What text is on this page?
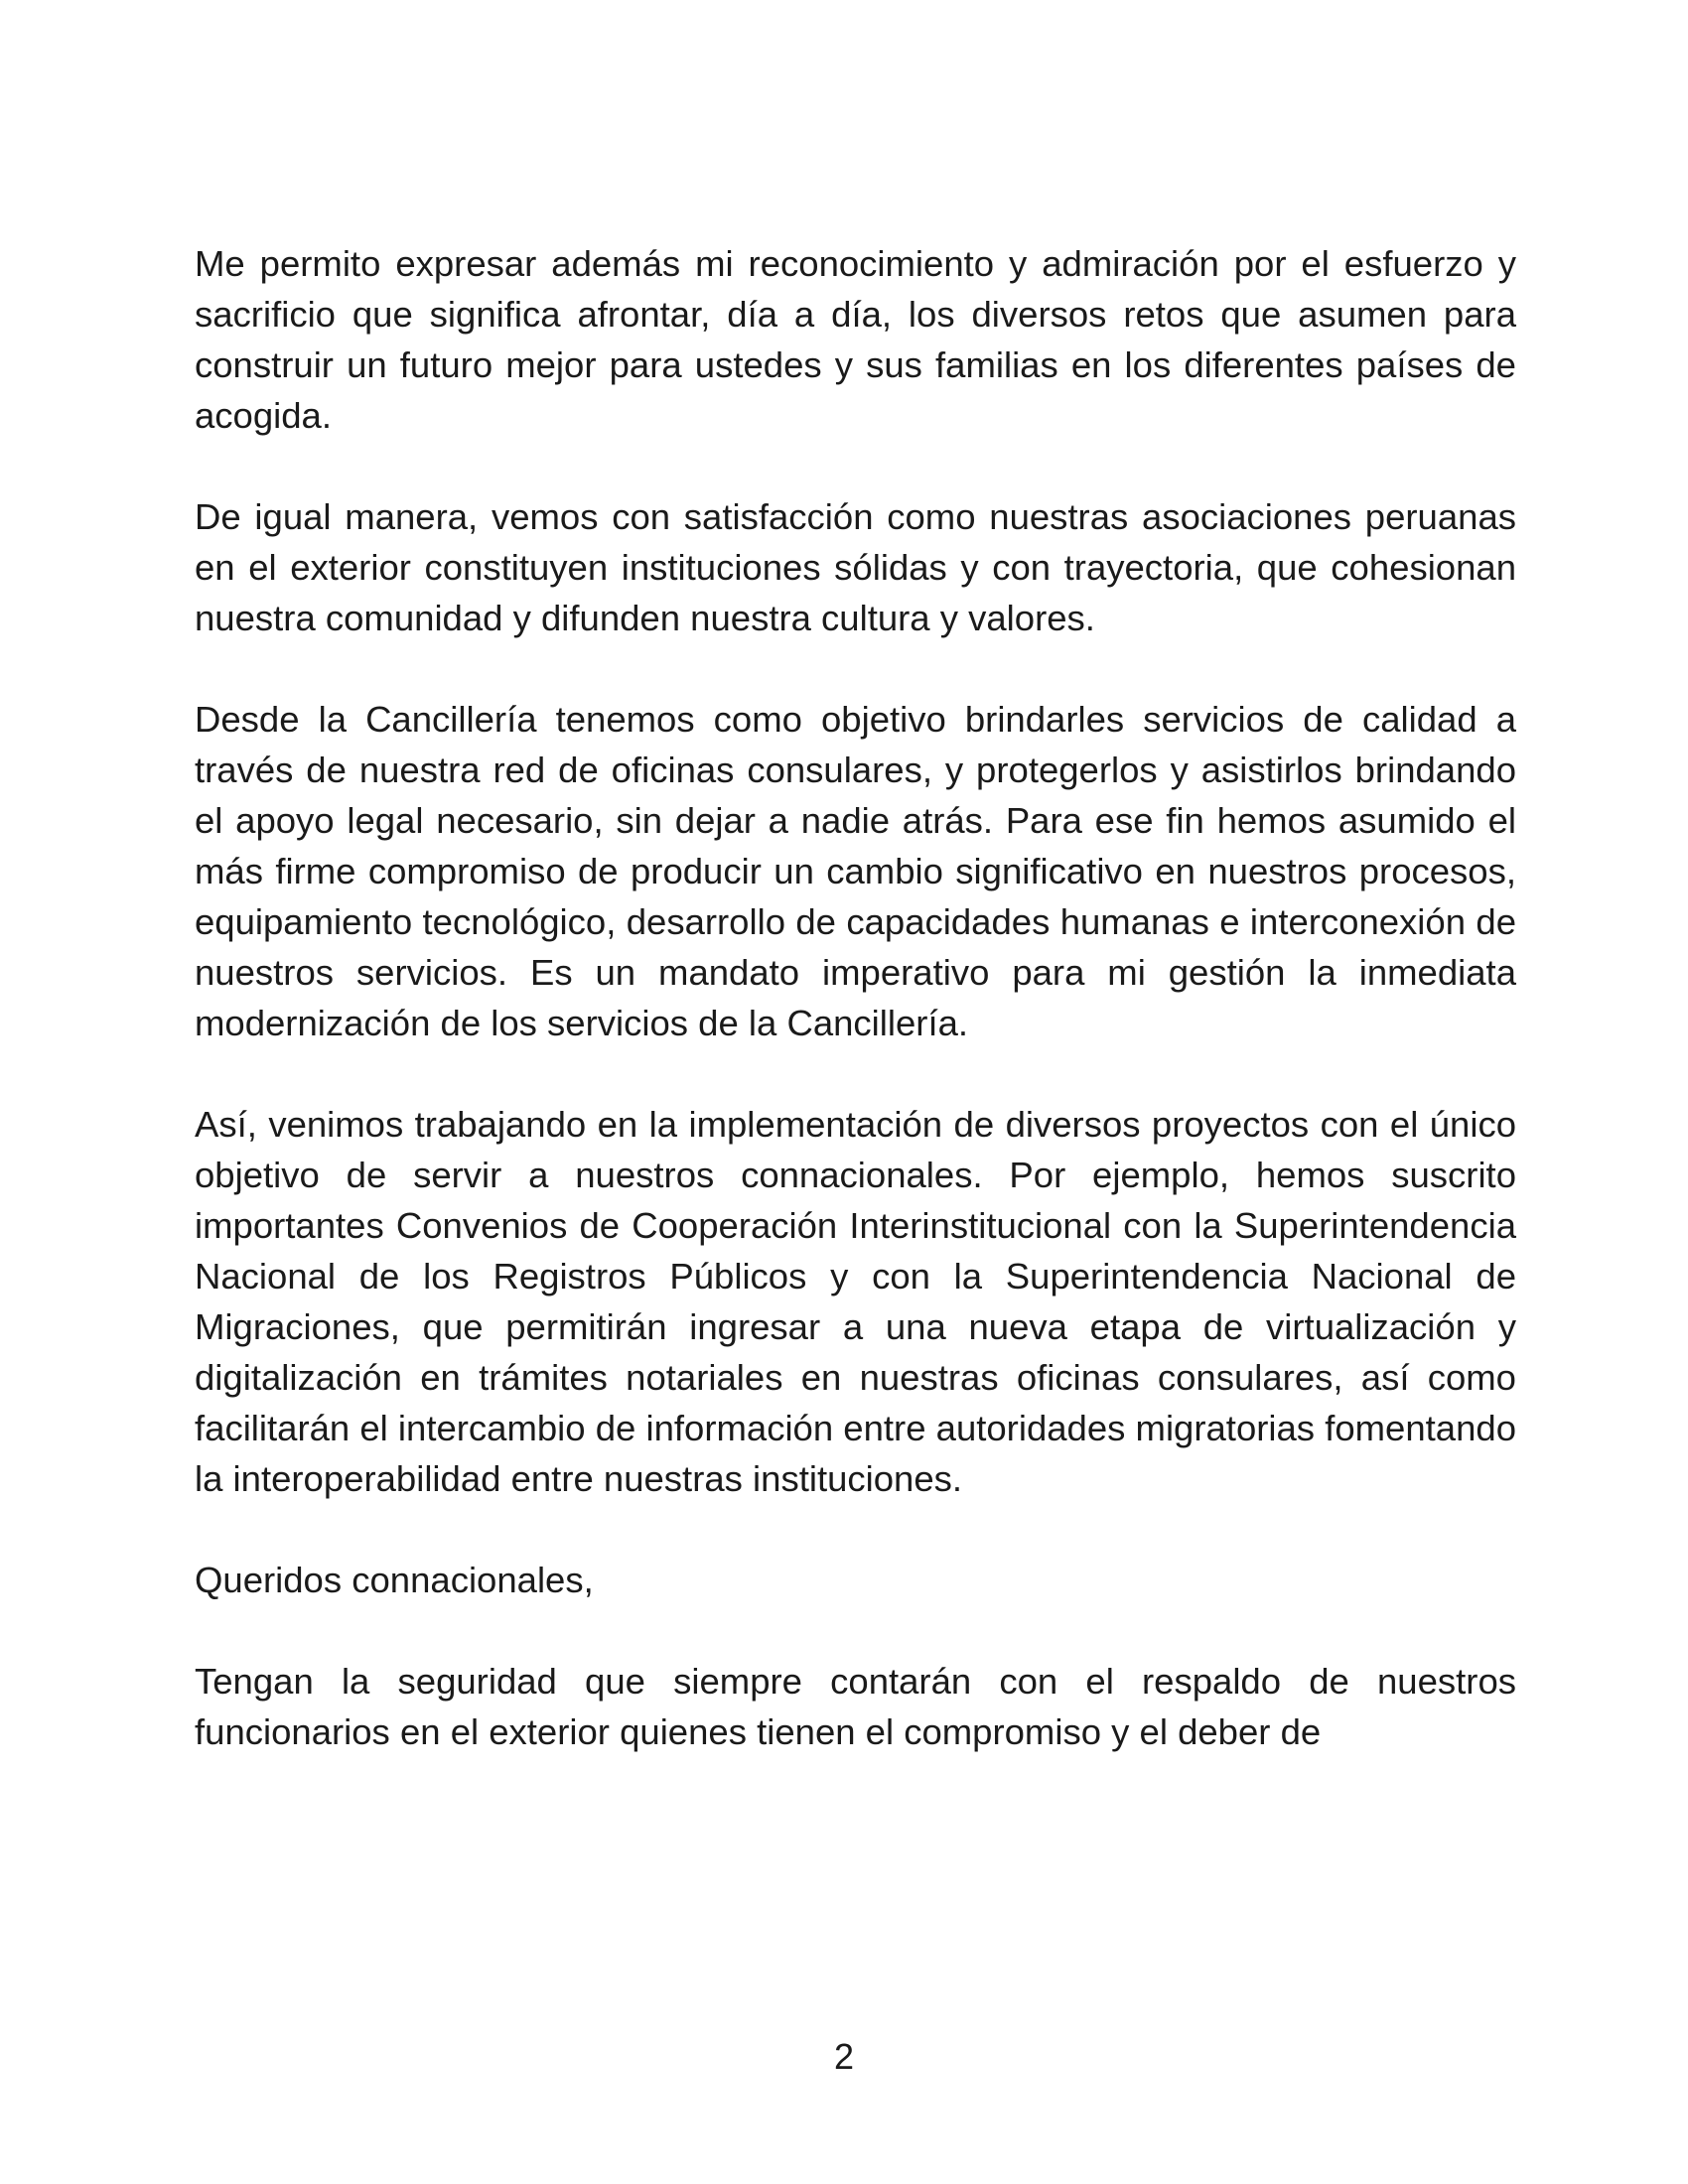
Me permito expresar además mi reconocimiento y admiración por el esfuerzo y sacrificio que significa afrontar, día a día, los diversos retos que asumen para construir un futuro mejor para ustedes y sus familias en los diferentes países de acogida.

De igual manera, vemos con satisfacción como nuestras asociaciones peruanas en el exterior constituyen instituciones sólidas y con trayectoria, que cohesionan nuestra comunidad y difunden nuestra cultura y valores.

Desde la Cancillería tenemos como objetivo brindarles servicios de calidad a través de nuestra red de oficinas consulares, y protegerlos y asistirlos brindando el apoyo legal necesario, sin dejar a nadie atrás. Para ese fin hemos asumido el más firme compromiso de producir un cambio significativo en nuestros procesos, equipamiento tecnológico, desarrollo de capacidades humanas e interconexión de nuestros servicios. Es un mandato imperativo para mi gestión la inmediata modernización de los servicios de la Cancillería.

Así, venimos trabajando en la implementación de diversos proyectos con el único objetivo de servir a nuestros connacionales. Por ejemplo, hemos suscrito importantes Convenios de Cooperación Interinstitucional con la Superintendencia Nacional de los Registros Públicos y con la Superintendencia Nacional de Migraciones, que permitirán ingresar a una nueva etapa de virtualización y digitalización en trámites notariales en nuestras oficinas consulares, así como facilitarán el intercambio de información entre autoridades migratorias fomentando la interoperabilidad entre nuestras instituciones.

Queridos connacionales,

Tengan la seguridad que siempre contarán con el respaldo de nuestros funcionarios en el exterior quienes tienen el compromiso y el deber de

2
